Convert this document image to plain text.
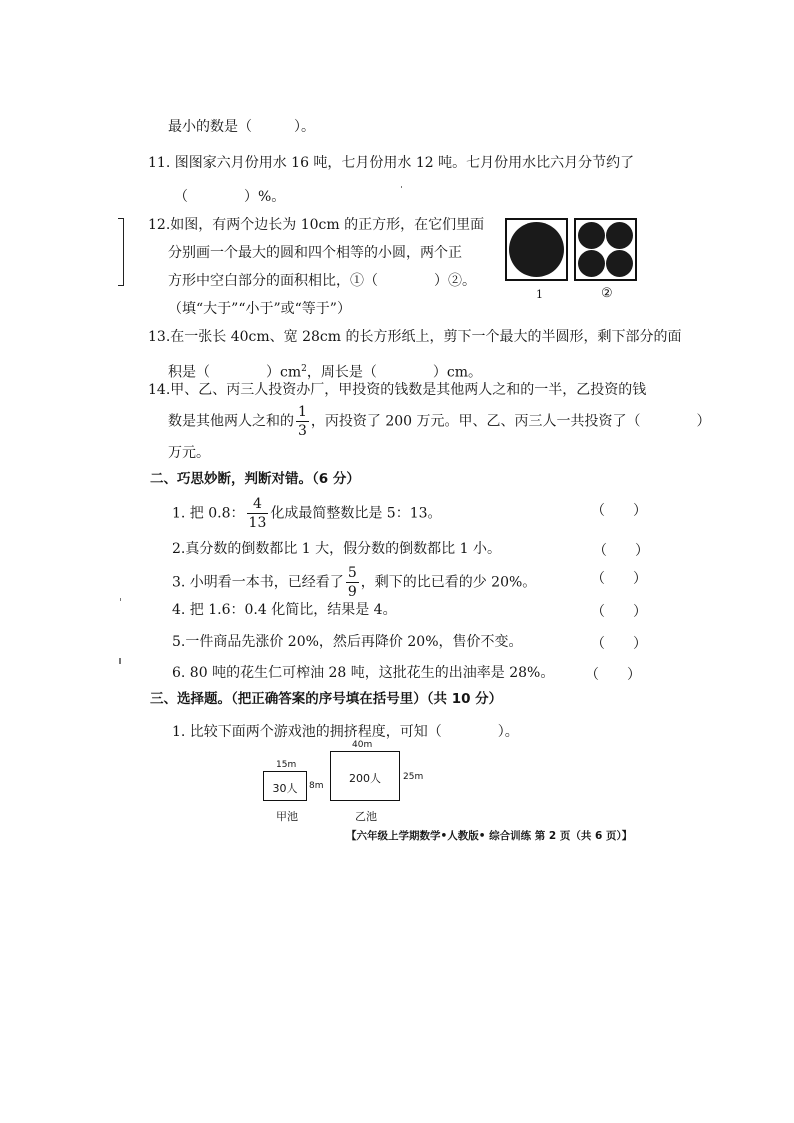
最小的数是（　　　）。
11. 图图家六月份用水 16 吨，七月份用水 12 吨。七月份用水比六月分节约了
（　　　　）%。
12.如图，有两个边长为 10cm 的正方形，在它们里面
分别画一个最大的圆和四个相等的小圆，两个正
方形中空白部分的面积相比，①（　　　　）②。
（填“大于”“小于”或“等于”）
1	②
13.在一张长 40cm、宽 28cm 的长方形纸上，剪下一个最大的半圆形，剩下部分的面
积是（　　　　）$cm^2$，周长是（　　　　）cm。
14.甲、乙、丙三人投资办厂，甲投资的钱数是其他两人之和的一半，乙投资的钱
数是其他两人之和的 $\frac{1}{3}$ ，丙投资了 200 万元。甲、乙、丙三人一共投资了（　　　　）
万元。
二、巧思妙断，判断对错。（6 分）
1. 把 0.8： $\frac{4}{13}$ 化成最简整数比是 5：13。	（　　）
2.真分数的倒数都比 1 大，假分数的倒数都比 1 小。	（　　）
3. 小明看一本书，已经看了 $\frac{5}{9}$ ，剩下的比已看的少 20%。	（　　）
4. 把 1.6：0.4 化简比，结果是 4。	（　　）
5.一件商品先涨价 20%，然后再降价 20%，售价不变。	（　　）
6. 80 吨的花生仁可榨油 28 吨，这批花生的出油率是 28%。 （　　）
三、选择题。（把正确答案的序号填在括号里）（共 10 分）
1. 比较下面两个游戏池的拥挤程度，可知（　　　　）。
15m
30人	8m
甲池
40m
200人	25m
乙池
【六年级上学期数学•人教版• 综合训练 第 2 页（共 6 页）】
